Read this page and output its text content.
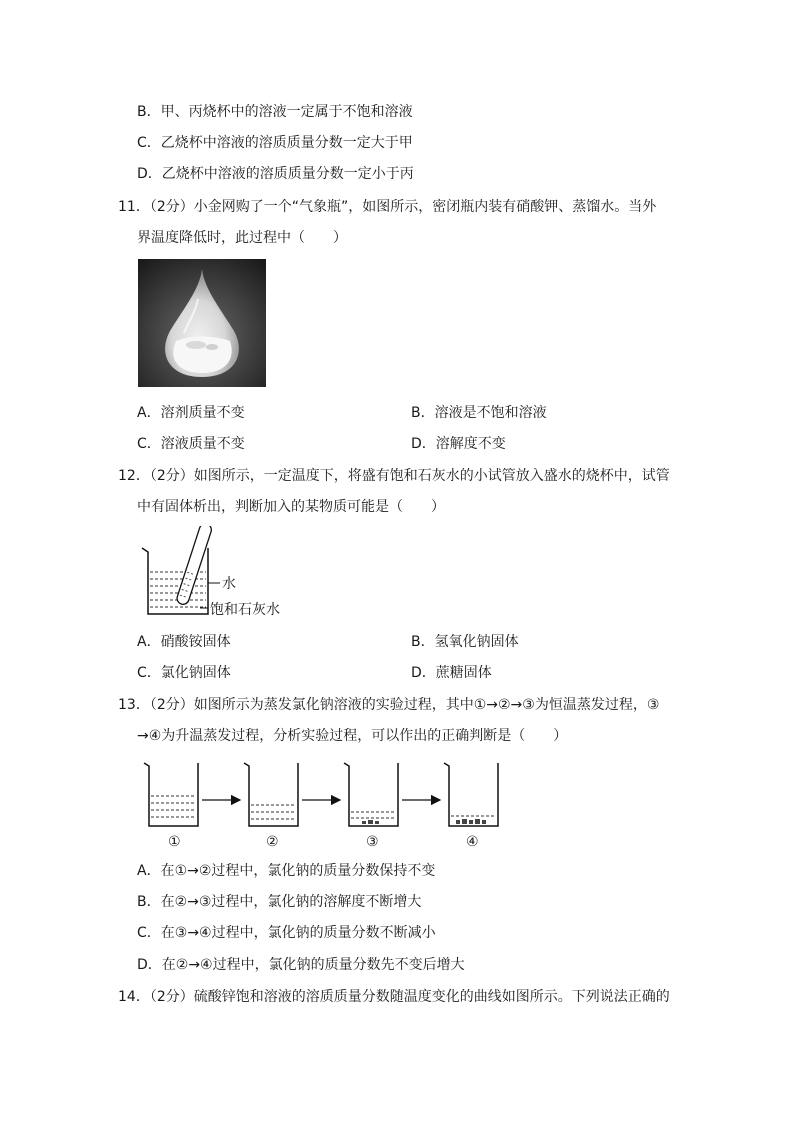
B．甲、丙烧杯中的溶液一定属于不饱和溶液
C．乙烧杯中溶液的溶质质量分数一定大于甲
D．乙烧杯中溶液的溶质质量分数一定小于丙
11．（2分）小金网购了一个“气象瓶”，如图所示，密闭瓶内装有硝酸钾、蒸馏水。当外
界温度降低时，此过程中（　　）
A．溶剂质量不变	B．溶液是不饱和溶液
C．溶液质量不变	D．溶解度不变
12．（2分）如图所示，一定温度下，将盛有饱和石灰水的小试管放入盛水的烧杯中，试管
中有固体析出，判断加入的某物质可能是（　　）
水
饱和石灰水
A．硝酸铵固体	B．氢氧化钠固体
C．氯化钠固体	D．蔗糖固体
13．（2分）如图所示为蒸发氯化钠溶液的实验过程，其中①→②→③为恒温蒸发过程，③
→④为升温蒸发过程，分析实验过程，可以作出的正确判断是（　　）
①	②	③	④
A．在①→②过程中，氯化钠的质量分数保持不变
B．在②→③过程中，氯化钠的溶解度不断增大
C．在③→④过程中，氯化钠的质量分数不断减小
D．在②→④过程中，氯化钠的质量分数先不变后增大
14．（2分）硫酸锌饱和溶液的溶质质量分数随温度变化的曲线如图所示。下列说法正确的
